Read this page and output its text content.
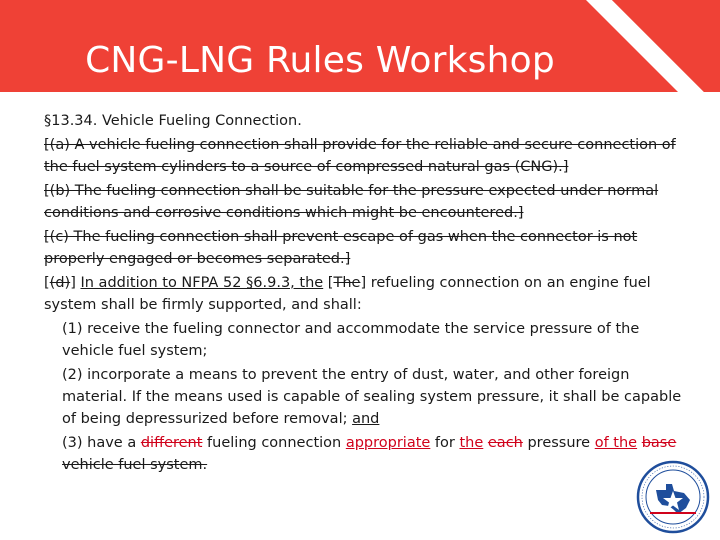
CNG-LNG Rules Workshop

§13.34. Vehicle Fueling Connection.

[(a) A vehicle fueling connection shall provide for the reliable and secure connection of the fuel system cylinders to a source of compressed natural gas (CNG).]

[(b) The fueling connection shall be suitable for the pressure expected under normal conditions and corrosive conditions which might be encountered.]

[(c) The fueling connection shall prevent escape of gas when the connector is not properly engaged or becomes separated.]

[(d)] In addition to NFPA 52 §6.9.3, the [The] refueling connection on an engine fuel system shall be firmly supported, and shall:

(1) receive the fueling connector and accommodate the service pressure of the vehicle fuel system;

(2) incorporate a means to prevent the entry of dust, water, and other foreign material. If the means used is capable of sealing system pressure, it shall be capable of being depressurized before removal; and

(3) have a different fueling connection appropriate for the each pressure of the base vehicle fuel system.
